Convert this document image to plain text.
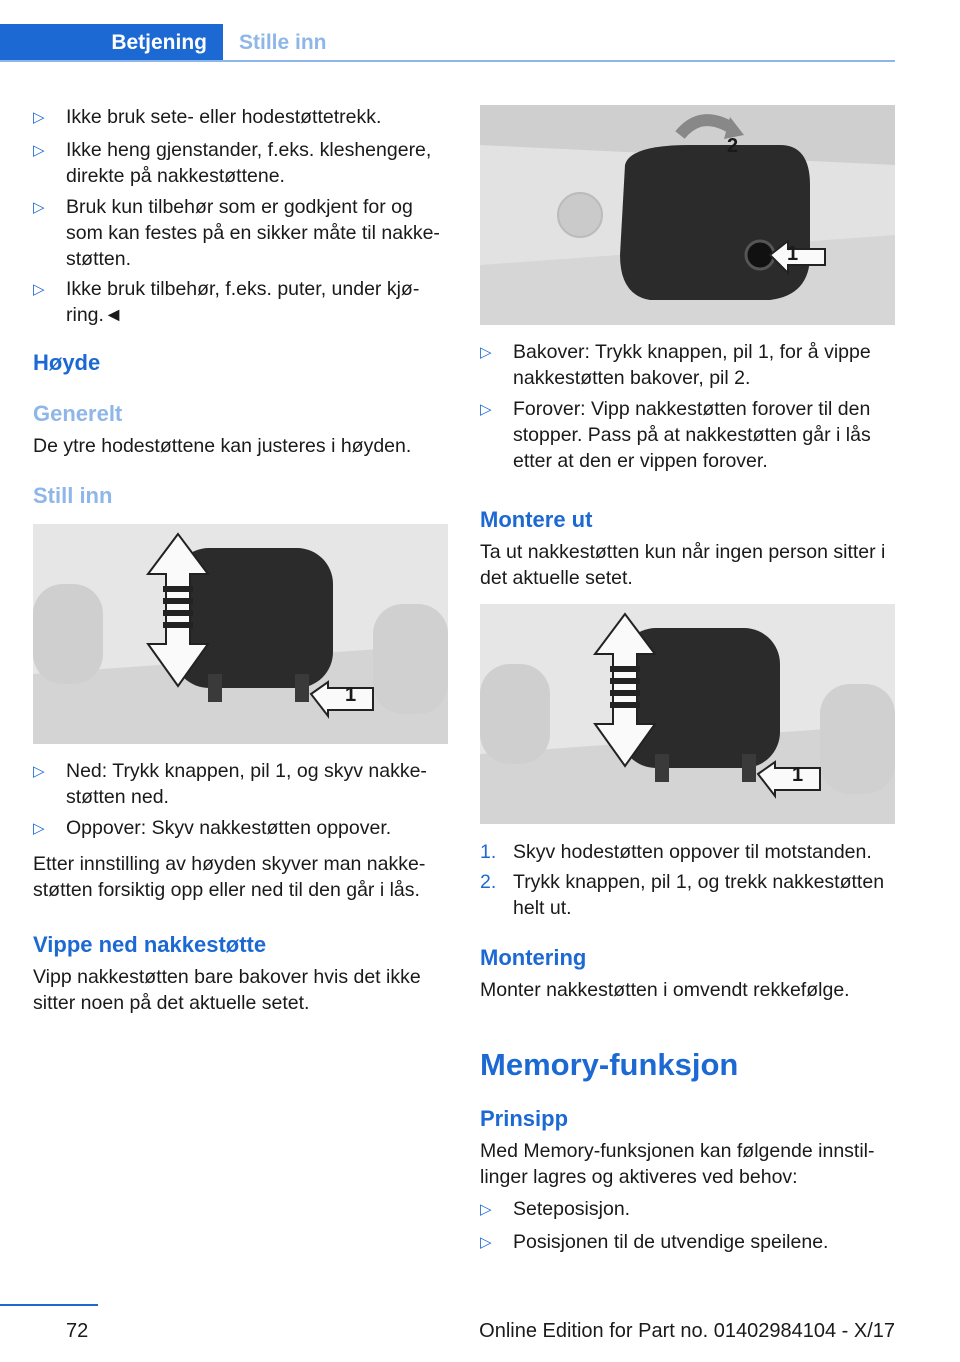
Betjening	Stille inn
▷ Ikke bruk sete- eller hodestøttetrekk.
▷ Ikke heng gjenstander, f.eks. kleshengere, direkte på nakkestøttene.
▷ Bruk kun tilbehør som er godkjent for og som kan festes på en sikker måte til nakke‐ støtten.
▷ Ikke bruk tilbehør, f.eks. puter, under kjø‐ ring.◄
Høyde
Generelt
De ytre hodestøttene kan justeres i høyden.
Still inn
1
▷ Ned: Trykk knappen, pil 1, og skyv nakke‐ støtten ned.
▷ Oppover: Skyv nakkestøtten oppover.
Etter innstilling av høyden skyver man nakke‐ støtten forsiktig opp eller ned til den går i lås.
Vippe ned nakkestøtte
Vipp nakkestøtten bare bakover hvis det ikke sitter noen på det aktuelle setet.
1
2
▷ Bakover: Trykk knappen, pil 1, for å vippe nakkestøtten bakover, pil 2.
▷ Forover: Vipp nakkestøtten forover til den stopper. Pass på at nakkestøtten går i lås etter at den er vippen forover.
Montere ut
Ta ut nakkestøtten kun når ingen person sitter i det aktuelle setet.
1
1. Skyv hodestøtten oppover til motstanden.
2. Trykk knappen, pil 1, og trekk nakkestøtten helt ut.
Montering
Monter nakkestøtten i omvendt rekkefølge.
Memory-funksjon
Prinsipp
Med Memory-funksjonen kan følgende innstil‐ linger lagres og aktiveres ved behov:
▷ Seteposisjon.
▷ Posisjonen til de utvendige speilene.
72	Online Edition for Part no. 01402984104 - X/17
